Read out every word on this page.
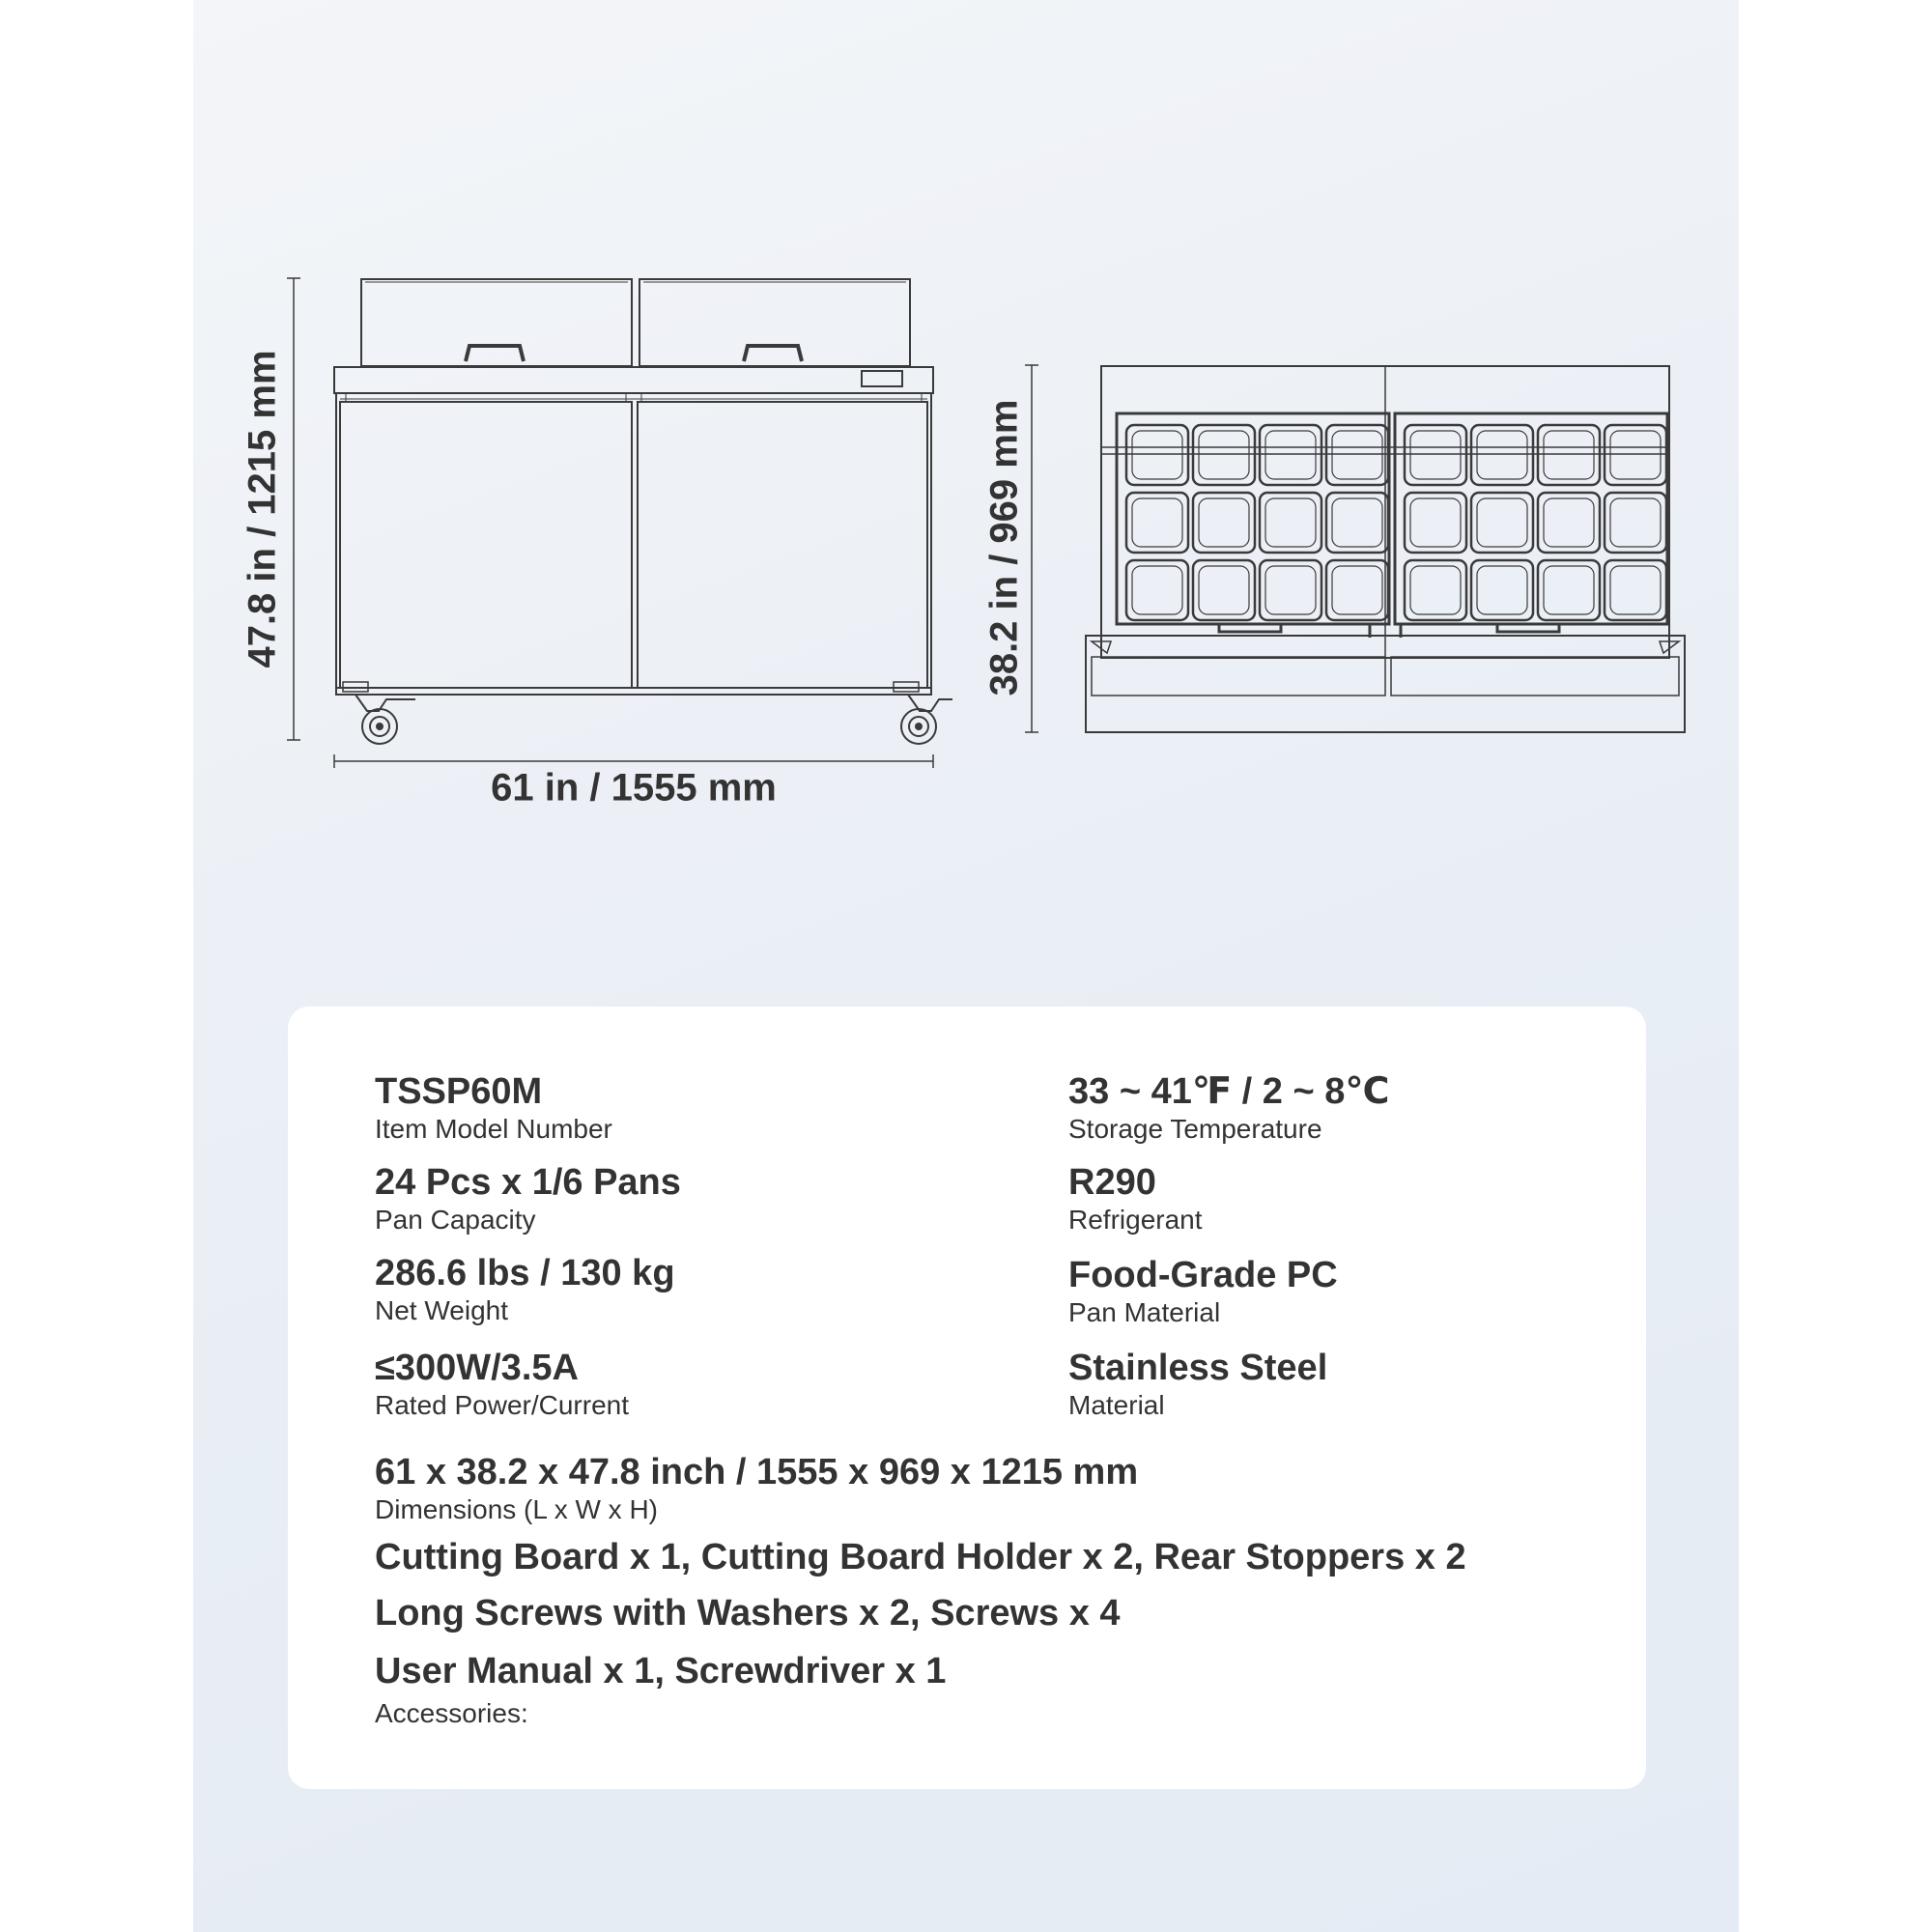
47.8 in / 1215 mm
61 in / 1555 mm
38.2 in / 969 mm
TSSP60M
Item Model Number
24 Pcs x 1/6 Pans
Pan Capacity
286.6 lbs / 130 kg
Net Weight
≤300W/3.5A
Rated Power/Current
33 ~ 41℉ / 2 ~ 8℃
Storage Temperature
R290
Refrigerant
Food-Grade PC
Pan Material
Stainless Steel
Material
61 x 38.2 x 47.8 inch / 1555 x 969 x 1215 mm
Dimensions (L x W x H)
Cutting Board x 1, Cutting Board Holder x 2, Rear Stoppers x 2
Long Screws with Washers x 2, Screws x 4
User Manual x 1, Screwdriver x 1
Accessories:
